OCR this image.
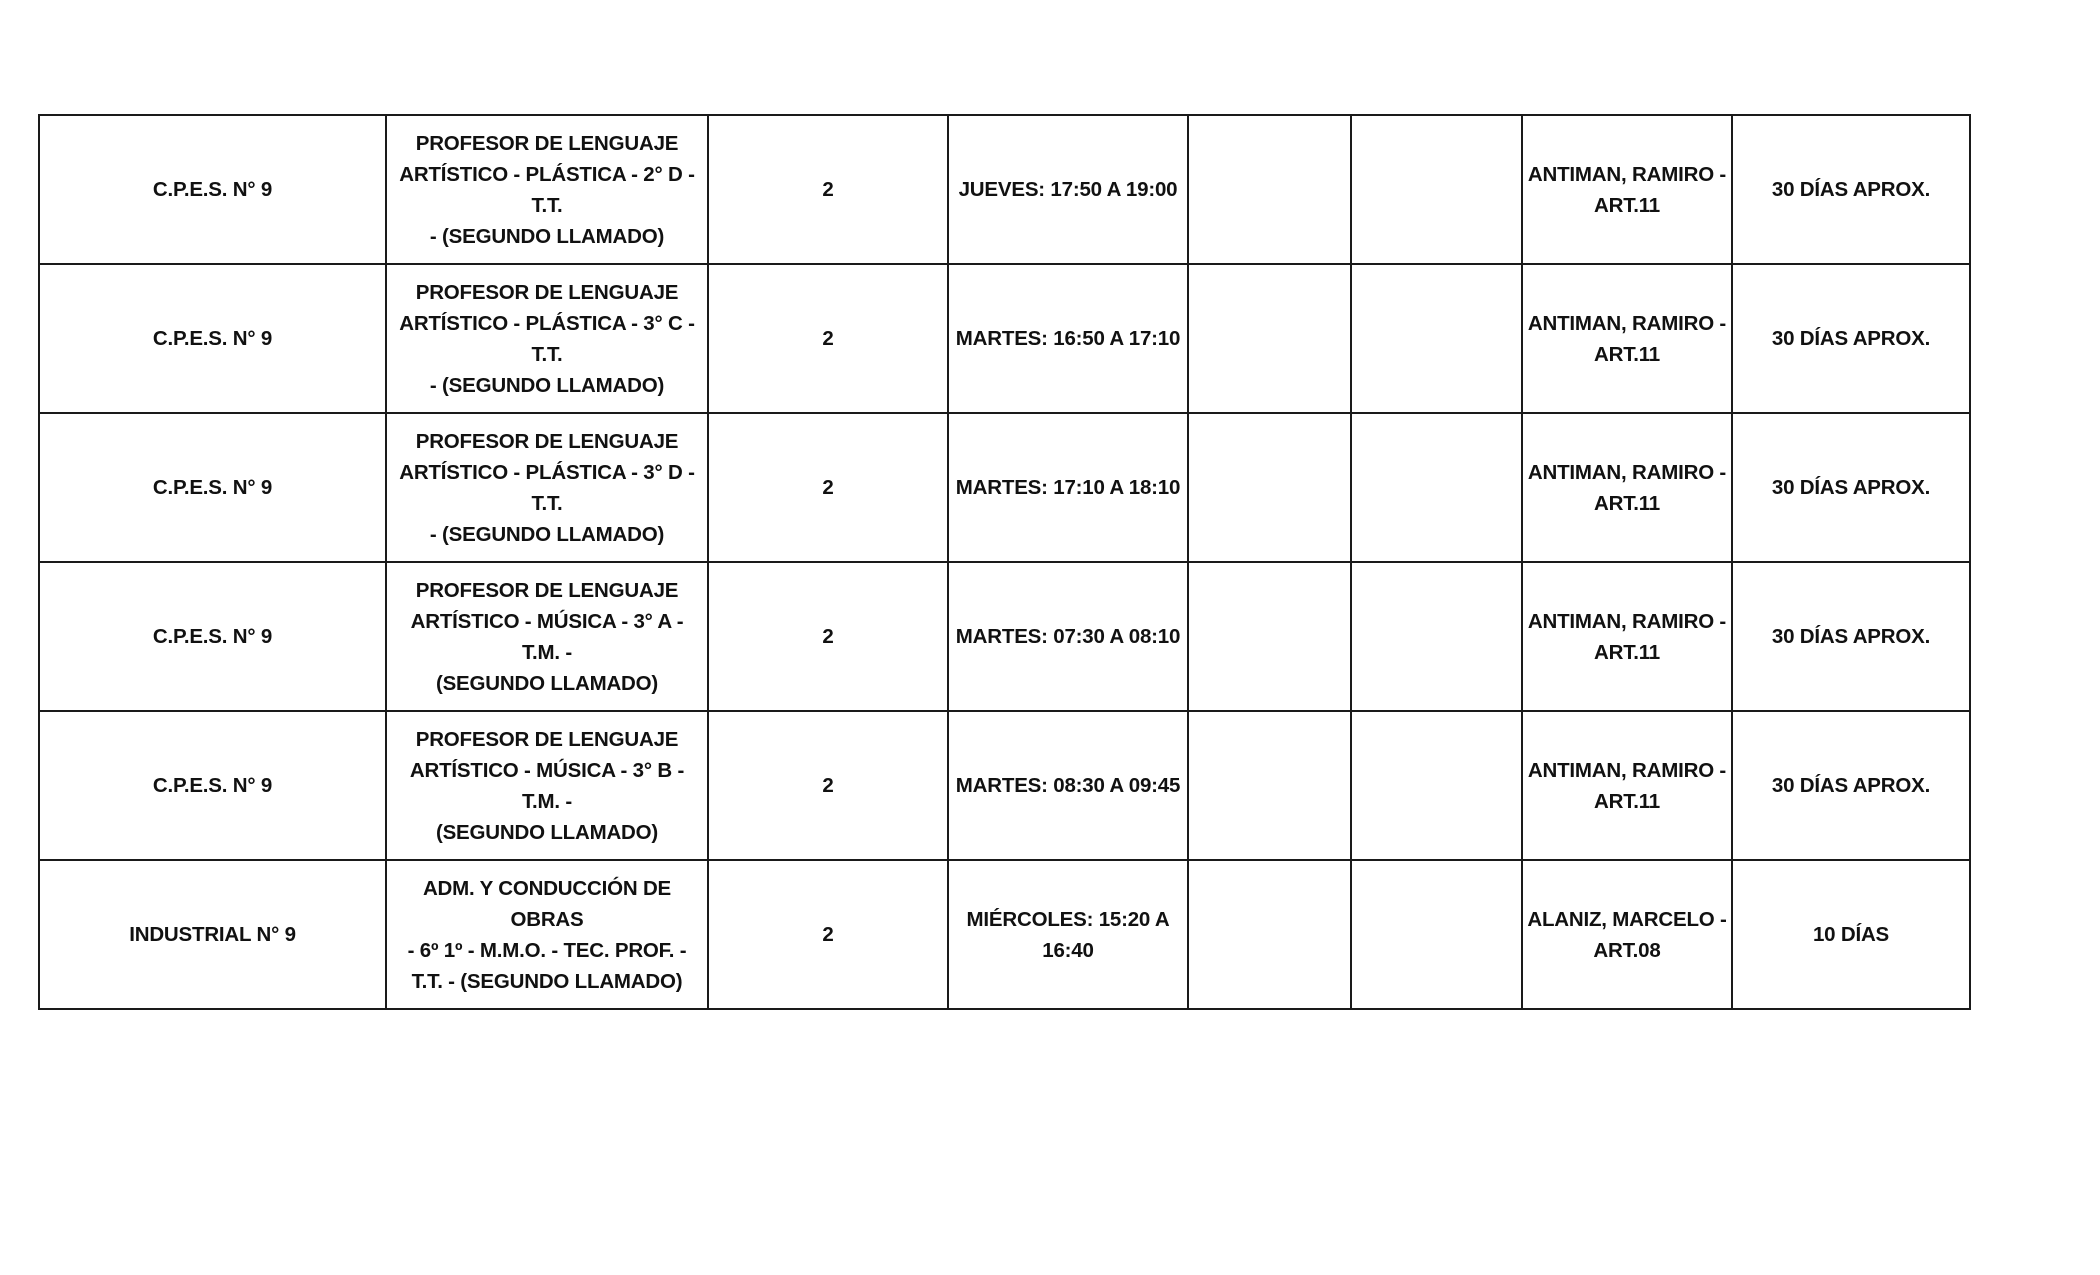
C.P.E.S. N° 9	PROFESOR DE LENGUAJE
ARTÍSTICO - PLÁSTICA - 2° D - T.T.
- (SEGUNDO LLAMADO)	2	JUEVES: 17:50 A 19:00			ANTIMAN, RAMIRO -
ART.11	30 DÍAS APROX.
C.P.E.S. N° 9	PROFESOR DE LENGUAJE
ARTÍSTICO - PLÁSTICA - 3° C - T.T.
- (SEGUNDO LLAMADO)	2	MARTES: 16:50 A 17:10			ANTIMAN, RAMIRO -
ART.11	30 DÍAS APROX.
C.P.E.S. N° 9	PROFESOR DE LENGUAJE
ARTÍSTICO - PLÁSTICA - 3° D - T.T.
- (SEGUNDO LLAMADO)	2	MARTES: 17:10 A 18:10			ANTIMAN, RAMIRO -
ART.11	30 DÍAS APROX.
C.P.E.S. N° 9	PROFESOR DE LENGUAJE
ARTÍSTICO - MÚSICA - 3° A - T.M. -
(SEGUNDO LLAMADO)	2	MARTES: 07:30 A 08:10			ANTIMAN, RAMIRO -
ART.11	30 DÍAS APROX.
C.P.E.S. N° 9	PROFESOR DE LENGUAJE
ARTÍSTICO - MÚSICA - 3° B - T.M. -
(SEGUNDO LLAMADO)	2	MARTES: 08:30 A 09:45			ANTIMAN, RAMIRO -
ART.11	30 DÍAS APROX.
INDUSTRIAL N° 9	ADM. Y CONDUCCIÓN DE OBRAS
- 6º 1º - M.M.O. - TEC. PROF. -
T.T. - (SEGUNDO LLAMADO)	2	MIÉRCOLES: 15:20 A
16:40			ALANIZ, MARCELO -
ART.08	10 DÍAS
